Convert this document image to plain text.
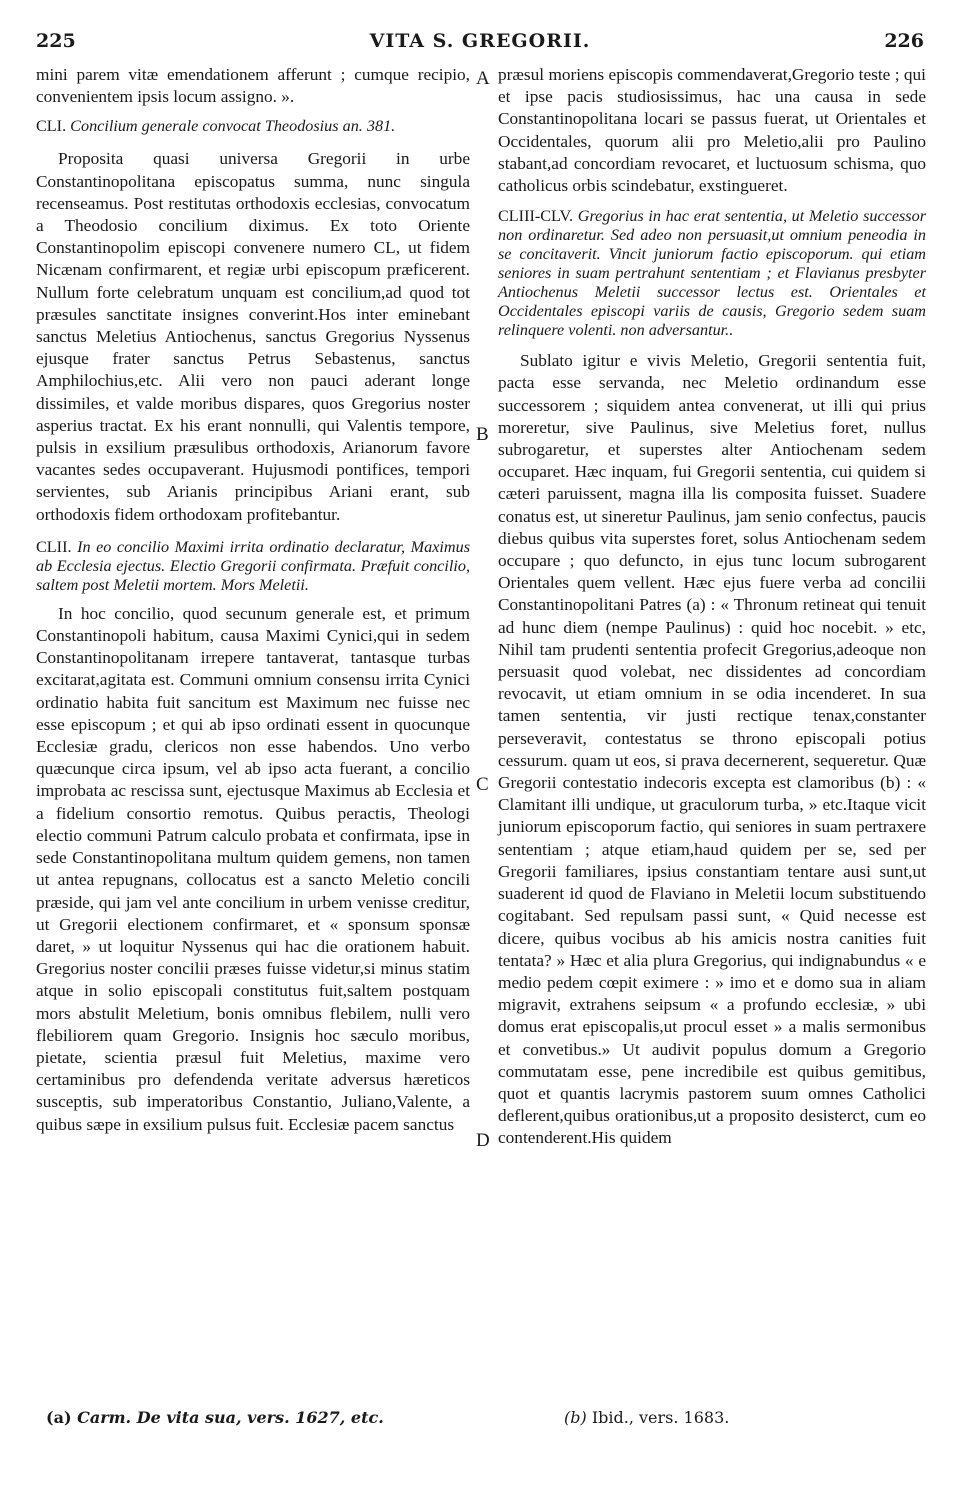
225	VITA S. GREGORII.	226
A
B
C
D

mini parem vitæ emendationem afferunt ; cumque recipio, convenientem ipsis locum assigno. ».

CLI. Concilium generale convocat Theodosius an. 381.

Proposita quasi universa Gregorii in urbe Constantinopolitana episcopatus summa, nunc singula recenseamus. Post restitutas orthodoxis ecclesias, convocatum a Theodosio concilium diximus. Ex toto Oriente Constantinopolim episcopi convenere numero CL, ut fidem Nicænam confirmarent, et regiæ urbi episcopum præficerent. Nullum forte celebratum unquam est concilium,ad quod tot præsules sanctitate insignes converint.Hos inter eminebant sanctus Meletius Antiochenus, sanctus Gregorius Nyssenus ejusque frater sanctus Petrus Sebastenus, sanctus Amphilochius,etc. Alii vero non pauci aderant longe dissimiles, et valde moribus dispares, quos Gregorius noster asperius tractat. Ex his erant nonnulli, qui Valentis tempore, pulsis in exsilium præsulibus orthodoxis, Arianorum favore vacantes sedes occupaverant. Hujusmodi pontifices, tempori servientes, sub Arianis principibus Ariani erant, sub orthodoxis fidem orthodoxam profitebantur.

CLII. In eo concilio Maximi irrita ordinatio declaratur, Maximus ab Ecclesia ejectus. Electio Gregorii confirmata. Præfuit concilio, saltem post Meletii mortem. Mors Meletii.

In hoc concilio, quod secunum generale est, et primum Constantinopoli habitum, causa Maximi Cynici,qui in sedem Constantinopolitanam irrepere tantaverat, tantasque turbas excitarat,agitata est. Communi omnium consensu irrita Cynici ordinatio habita fuit sancitum est Maximum nec fuisse nec esse episcopum ; et qui ab ipso ordinati essent in quocunque Ecclesiæ gradu, clericos non esse habendos. Uno verbo quæcunque circa ipsum, vel ab ipso acta fuerant, a concilio improbata ac rescissa sunt, ejectusque Maximus ab Ecclesia et a fidelium consortio remotus. Quibus peractis, Theologi electio communi Patrum calculo probata et confirmata, ipse in sede Constantinopolitana multum quidem gemens, non tamen ut antea repugnans, collocatus est a sancto Meletio concili præside, qui jam vel ante concilium in urbem venisse creditur, ut Gregorii electionem confirmaret, et « sponsum sponsæ daret, » ut loquitur Nyssenus qui hac die orationem habuit. Gregorius noster concilii præses fuisse videtur,si minus statim atque in solio episcopali constitutus fuit,saltem postquam mors abstulit Meletium, bonis omnibus flebilem, nulli vero flebiliorem quam Gregorio. Insignis hoc sæculo moribus, pietate, scientia præsul fuit Meletius, maxime vero certaminibus pro defendenda veritate adversus hæreticos susceptis, sub imperatoribus Constantio, Juliano,Valente, a quibus sæpe in exsilium pulsus fuit. Ecclesiæ pacem sanctus

præsul moriens episcopis commendaverat,Gregorio teste ; qui et ipse pacis studiosissimus, hac una causa in sede Constantinopolitana locari se passus fuerat, ut Orientales et Occidentales, quorum alii pro Meletio,alii pro Paulino stabant,ad concordiam revocaret, et luctuosum schisma, quo catholicus orbis scindebatur, exstingueret.

CLIII-CLV. Gregorius in hac erat sententia, ut Meletio successor non ordinaretur. Sed adeo non persuasit,ut omnium peneodia in se concitaverit. Vincit juniorum factio episcoporum. qui etiam seniores in suam pertrahunt sententiam ; et Flavianus presbyter Antiochenus Meletii successor lectus est. Orientales et Occidentales episcopi variis de causis, Gregorio sedem suam relinquere volenti. non adversantur..

Sublato igitur e vivis Meletio, Gregorii sententia fuit, pacta esse servanda, nec Meletio ordinandum esse successorem ; siquidem antea convenerat, ut illi qui prius moreretur, sive Paulinus, sive Meletius foret, nullus subrogaretur, et superstes alter Antiochenam sedem occuparet. Hæc inquam, fui Gregorii sententia, cui quidem si cæteri paruissent, magna illa lis composita fuisset. Suadere conatus est, ut sineretur Paulinus, jam senio confectus, paucis diebus quibus vita superstes foret, solus Antiochenam sedem occupare ; quo defuncto, in ejus tunc locum subrogarent Orientales quem vellent. Hæc ejus fuere verba ad concilii Constantinopolitani Patres (a) : « Thronum retineat qui tenuit ad hunc diem (nempe Paulinus) : quid hoc nocebit. » etc, Nihil tam prudenti sententia profecit Gregorius,adeoque non persuasit quod volebat, nec dissidentes ad concordiam revocavit, ut etiam omnium in se odia incenderet. In sua tamen sententia, vir justi rectique tenax,constanter perseveravit, contestatus se throno episcopali potius cessurum. quam ut eos, si prava decernerent, sequeretur. Quæ Gregorii contestatio indecoris excepta est clamoribus (b) : « Clamitant illi undique, ut graculorum turba, » etc.Itaque vicit juniorum episcoporum factio, qui seniores in suam pertraxere sententiam ; atque etiam,haud quidem per se, sed per Gregorii familiares, ipsius constantiam tentare ausi sunt,ut suaderent id quod de Flaviano in Meletii locum substituendo cogitabant. Sed repulsam passi sunt, « Quid necesse est dicere, quibus vocibus ab his amicis nostra canities fuit tentata? » Hæc et alia plura Gregorius, qui indignabundus « e medio pedem cœpit eximere : » imo et e domo sua in aliam migravit, extrahens seipsum « a profundo ecclesiæ, » ubi domus erat episcopalis,ut procul esset » a malis sermonibus et convetibus.» Ut audivit populus domum a Gregorio commutatam esse, pene incredibile est quibus gemitibus, quot et quantis lacrymis pastorem suum omnes Catholici deflerent,quibus orationibus,ut a proposito desisterct, cum eo contenderent.His quidem

(a) Carm. De vita sua, vers. 1627, etc.	(b) Ibid., vers. 1683.
